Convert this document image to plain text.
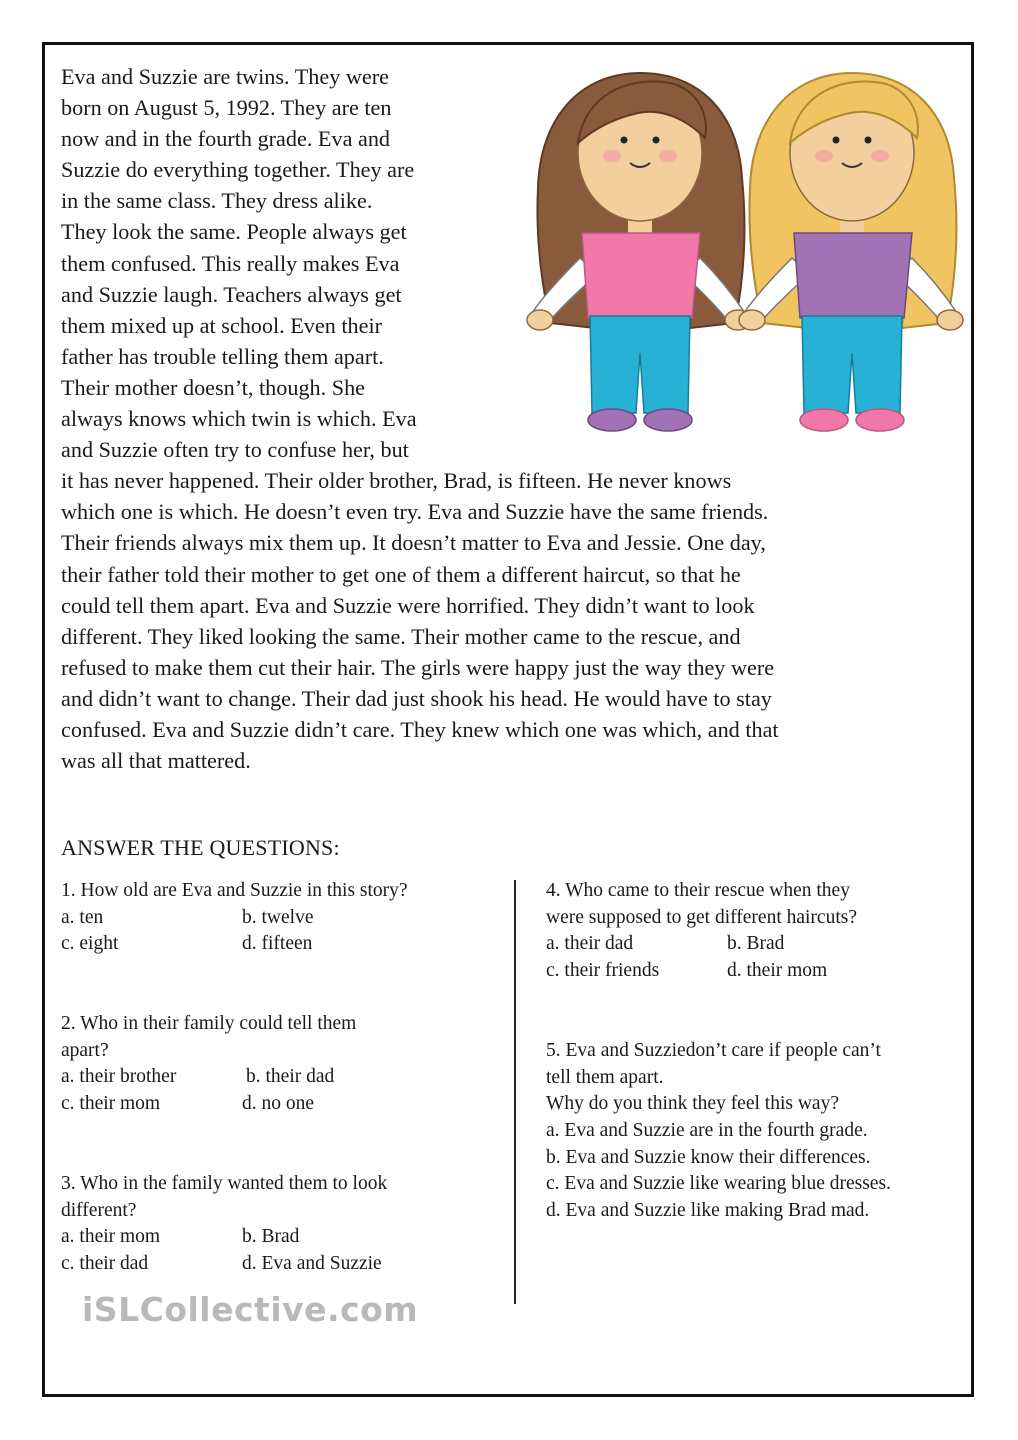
Eva and Suzzie are twins. They were
born on August 5, 1992. They are ten
now and in the fourth grade. Eva and
Suzzie do everything together. They are
in the same class. They dress alike.
They look the same. People always get
them confused. This really makes Eva
and Suzzie laugh. Teachers always get
them mixed up at school. Even their
father has trouble telling them apart.
Their mother doesn’t, though. She
always knows which twin is which. Eva
and Suzzie often try to confuse her, but
it has never happened. Their older brother, Brad, is fifteen. He never knows
which one is which. He doesn’t even try. Eva and Suzzie have the same friends.
Their friends always mix them up. It doesn’t matter to Eva and Jessie. One day,
their father told their mother to get one of them a different haircut, so that he
could tell them apart. Eva and Suzzie were horrified. They didn’t want to look
different. They liked looking the same. Their mother came to the rescue, and
refused to make them cut their hair. The girls were happy just the way they were
and didn’t want to change. Their dad just shook his head. He would have to stay
confused. Eva and Suzzie didn’t care. They knew which one was which, and that
was all that mattered.
ANSWER THE QUESTIONS:
1. How old are Eva and Suzzie in this story?
a. ten	b. twelve
c. eight	d. fifteen
2. Who in their family could tell them
apart?
a. their brother	b. their dad
c. their mom	d. no one
3. Who in the family wanted them to look
different?
a. their mom	b. Brad
c. their dad	d. Eva and Suzzie
4. Who came to their rescue when they
were supposed to get different haircuts?
a. their dad	b. Brad
c. their friends	d. their mom
5. Eva and Suzziedon’t care if people can’t
tell them apart.
Why do you think they feel this way?
a. Eva and Suzzie are in the fourth grade.
b. Eva and Suzzie know their differences.
c. Eva and Suzzie like wearing blue dresses.
d. Eva and Suzzie like making Brad mad.
iSLCollective.com
